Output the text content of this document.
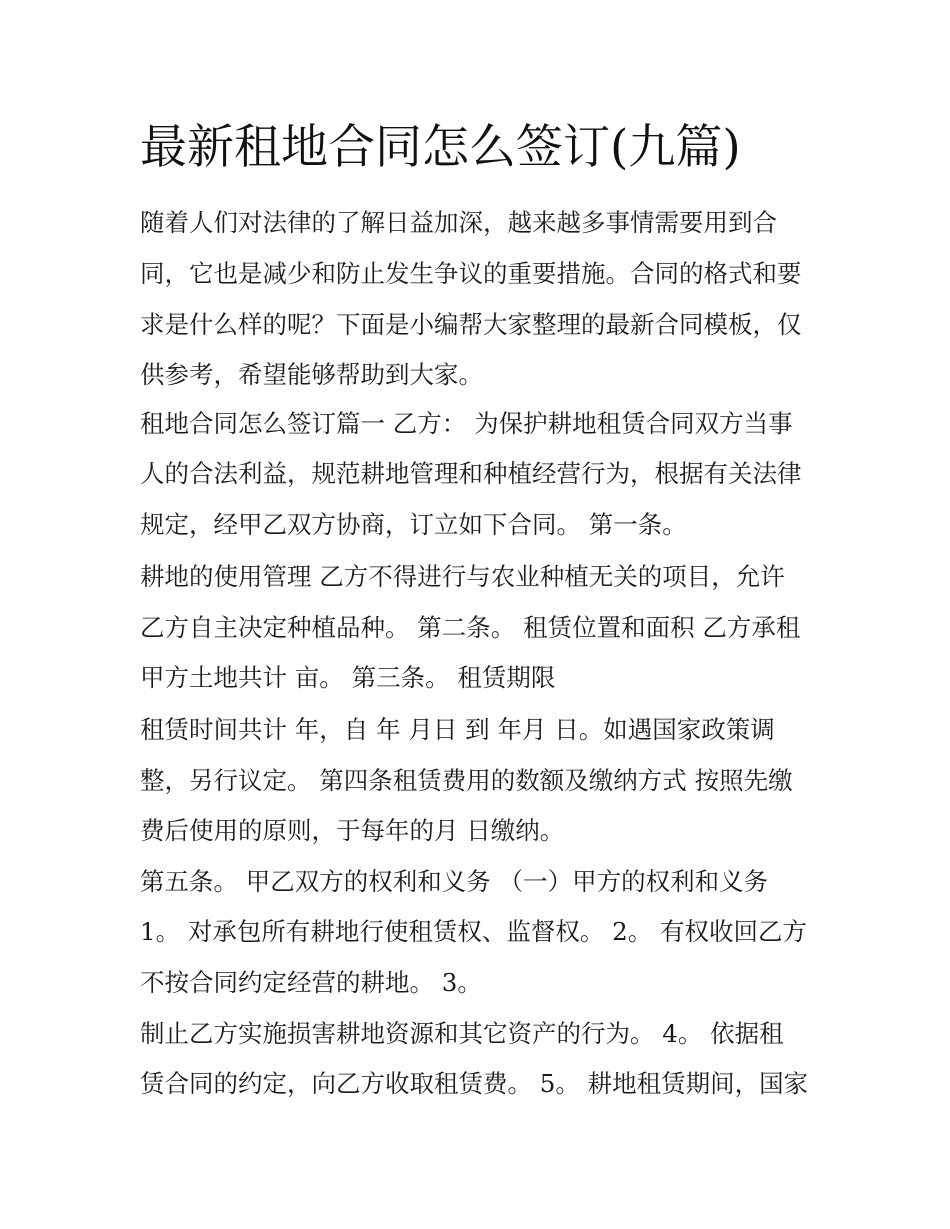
最新租地合同怎么签订(九篇)

随着人们对法律的了解日益加深，越来越多事情需要用到合

同，它也是减少和防止发生争议的重要措施。合同的格式和要

求是什么样的呢？下面是小编帮大家整理的最新合同模板，仅

供参考，希望能够帮助到大家。

租地合同怎么签订篇一 乙方： 为保护耕地租赁合同双方当事

人的合法利益，规范耕地管理和种植经营行为，根据有关法律

规定，经甲乙双方协商，订立如下合同。 第一条。

耕地的使用管理 乙方不得进行与农业种植无关的项目，允许

乙方自主决定种植品种。 第二条。 租赁位置和面积 乙方承租

甲方土地共计 亩。 第三条。 租赁期限

租赁时间共计 年，自 年 月日 到 年月 日。如遇国家政策调

整，另行议定。 第四条租赁费用的数额及缴纳方式 按照先缴

费后使用的原则，于每年的月 日缴纳。

第五条。 甲乙双方的权利和义务 （一）甲方的权利和义务

1。 对承包所有耕地行使租赁权、监督权。 2。 有权收回乙方

不按合同约定经营的耕地。 3。

制止乙方实施损害耕地资源和其它资产的行为。 4。 依据租

赁合同的约定，向乙方收取租赁费。 5。 耕地租赁期间，国家
